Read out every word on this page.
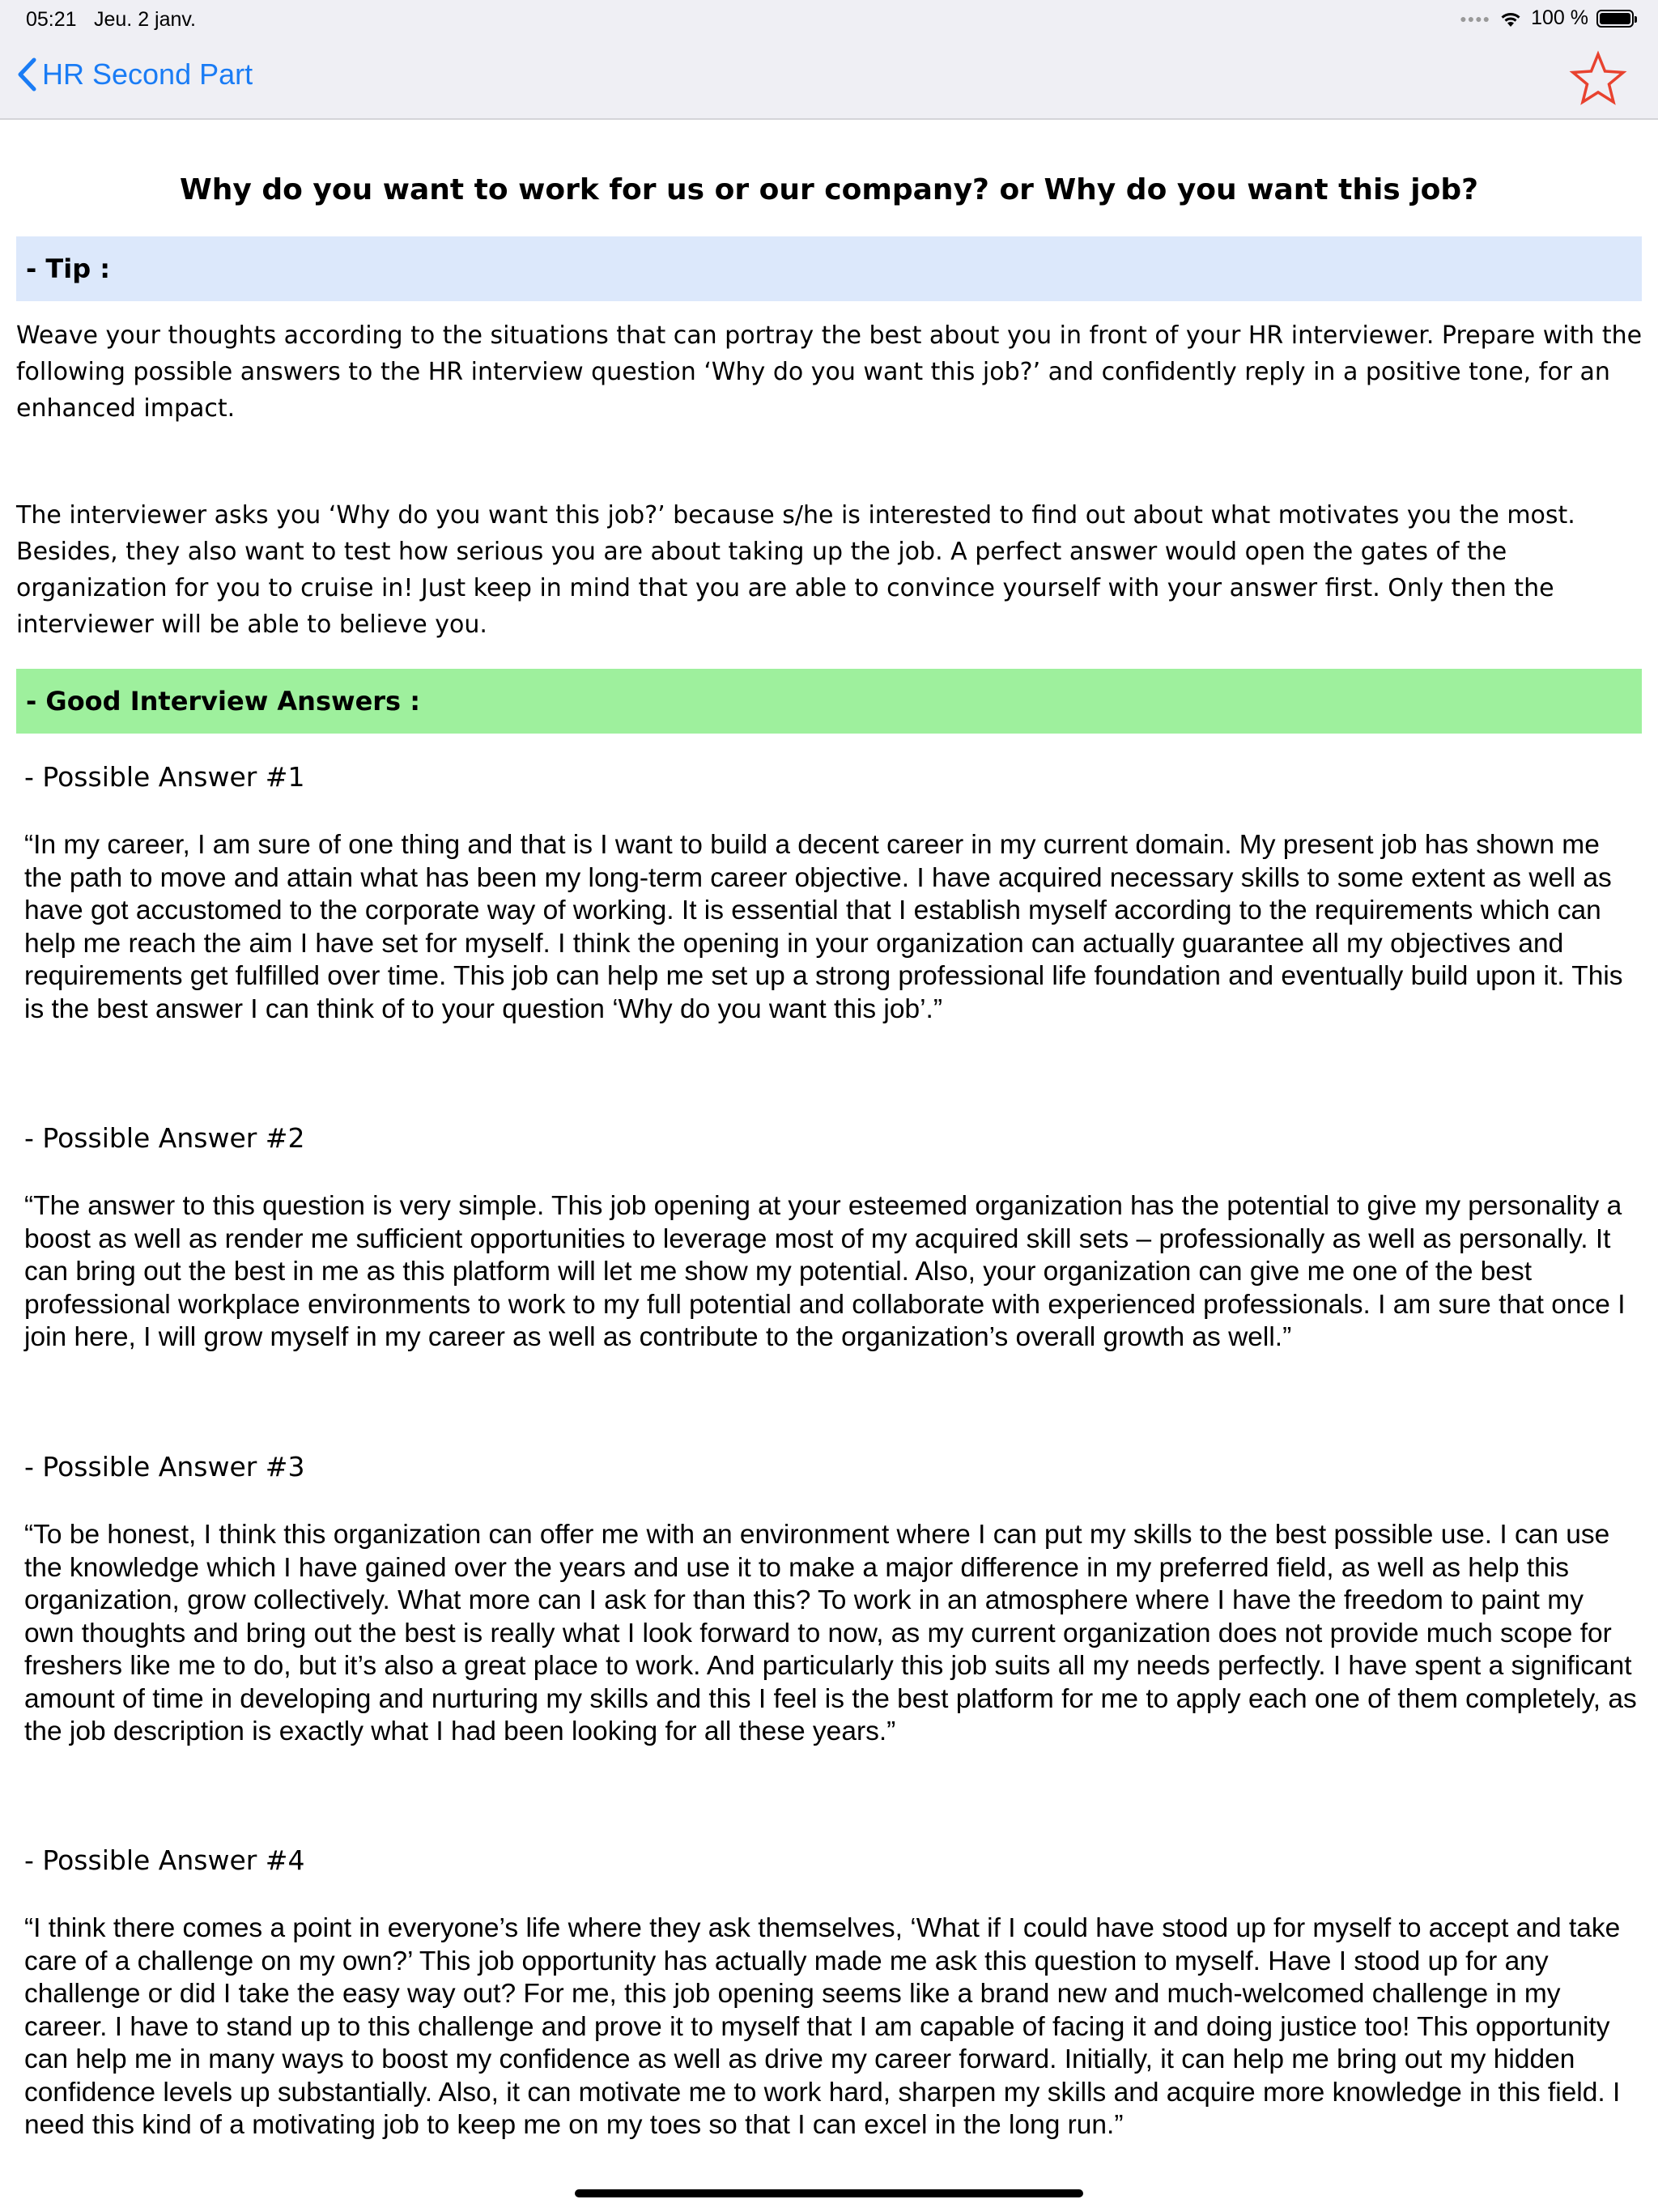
05:21 Jeu. 2 janv.	●●●● 100 %
HR Second Part
Why do you want to work for us or our company? or Why do you want this job?
- Tip :

Weave your thoughts according to the situations that can portray the best about you in front of your HR interviewer. Prepare with the following possible answers to the HR interview question ‘Why do you want this job?’ and confidently reply in a positive tone, for an enhanced impact.

The interviewer asks you ‘Why do you want this job?’ because s/he is interested to find out about what motivates you the most. Besides, they also want to test how serious you are about taking up the job. A perfect answer would open the gates of the organization for you to cruise in! Just keep in mind that you are able to convince yourself with your answer first. Only then the interviewer will be able to believe you.

- Good Interview Answers :
- Possible Answer #1

“In my career, I am sure of one thing and that is I want to build a decent career in my current domain. My present job has shown me the path to move and attain what has been my long-term career objective. I have acquired necessary skills to some extent as well as have got accustomed to the corporate way of working. It is essential that I establish myself according to the requirements which can help me reach the aim I have set for myself. I think the opening in your organization can actually guarantee all my objectives and requirements get fulfilled over time. This job can help me set up a strong professional life foundation and eventually build upon it. This is the best answer I can think of to your question ‘Why do you want this job’.”

- Possible Answer #2

“The answer to this question is very simple. This job opening at your esteemed organization has the potential to give my personality a boost as well as render me sufficient opportunities to leverage most of my acquired skill sets – professionally as well as personally. It can bring out the best in me as this platform will let me show my potential. Also, your organization can give me one of the best professional workplace environments to work to my full potential and collaborate with experienced professionals. I am sure that once I join here, I will grow myself in my career as well as contribute to the organization’s overall growth as well.”

- Possible Answer #3

“To be honest, I think this organization can offer me with an environment where I can put my skills to the best possible use. I can use the knowledge which I have gained over the years and use it to make a major difference in my preferred field, as well as help this organization, grow collectively. What more can I ask for than this? To work in an atmosphere where I have the freedom to paint my own thoughts and bring out the best is really what I look forward to now, as my current organization does not provide much scope for freshers like me to do, but it’s also a great place to work. And particularly this job suits all my needs perfectly. I have spent a significant amount of time in developing and nurturing my skills and this I feel is the best platform for me to apply each one of them completely, as the job description is exactly what I had been looking for all these years.”

- Possible Answer #4

“I think there comes a point in everyone’s life where they ask themselves, ‘What if I could have stood up for myself to accept and take care of a challenge on my own?’ This job opportunity has actually made me ask this question to myself. Have I stood up for any challenge or did I take the easy way out? For me, this job opening seems like a brand new and much-welcomed challenge in my career. I have to stand up to this challenge and prove it to myself that I am capable of facing it and doing justice too! This opportunity can help me in many ways to boost my confidence as well as drive my career forward. Initially, it can help me bring out my hidden confidence levels up substantially. Also, it can motivate me to work hard, sharpen my skills and acquire more knowledge in this field. I need this kind of a motivating job to keep me on my toes so that I can excel in the long run.”
